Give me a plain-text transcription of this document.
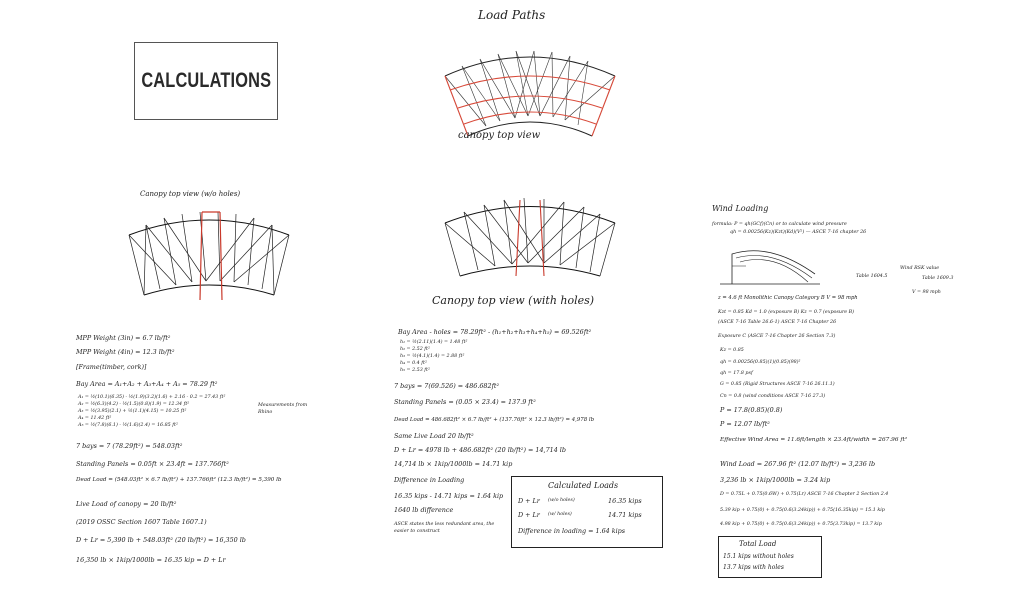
CALCULATIONS
Load Paths
canopy top view
Canopy top view (w/o holes)
Canopy top view (with holes)
MPP Weight (3in) = 6.7 lb/ft²
MPP Weight (4in) = 12.3 lb/ft²
[Frame(timber, cork)]
Bay Area = A₁+A₂ + A₃+A₄ + A₅ = 78.29 ft²
A₁ = ½(10.1)(6.35) - ½(1.9)(3.2)(1.6) + 2.16 - 0.2 = 27.43 ft²
A₂ = ½(6.3)(4.2) - ½(1.5)(0.8)(1.9) = 12.34 ft²
A₃ = ½(3.95)(2.1) + ½(1.1)(4.15) = 10.25 ft²
A₄ = 11.42 ft²
A₅ = ½(7.8)(6.1) - ½(1.6)(2.4) = 16.85 ft²
Measurements from Rhino
7 bays = 7 (78.29ft²) = 548.03ft²
Standing Panels = 0.05ft × 23.4ft = 137.766ft²
Dead Load = (548.03ft² × 6.7 lb/ft²) + 137.766ft² (12.3 lb/ft²) = 5,390 lb
Live Load of canopy = 20 lb/ft²
(2019 OSSC Section 1607 Table 1607.1)
D + Lr = 5,390 lb + 548.03ft² (20 lb/ft²) = 16,350 lb
16,350 lb × 1kip/1000lb = 16.35 kip = D + Lr
Bay Area - holes = 78.29ft² - (h₁+h₂+h₃+h₄+h₅) = 69.526ft²
h₁ = ½(2.11)(1.4) = 1.48 ft²
h₂ = 2.52 ft²
h₃ = ½(4.1)(1.4) = 2.88 ft²
h₄ = 0.4 ft²
h₅ = 2.53 ft²
7 bays = 7(69.526) = 486.682ft²
Standing Panels = (0.05 × 23.4) = 137.9 ft²
Dead Load = 486.682ft² × 6.7 lb/ft² + (137.76ft² × 12.3 lb/ft²) = 4,978 lb
Same Live Load 20 lb/ft²
D + Lr = 4978 lb + 486.682ft² (20 lb/ft²) = 14,714 lb
14,714 lb × 1kip/1000lb = 14.71 kip
Difference in Loading
16.35 kips - 14.71 kips = 1.64 kip
1640 lb difference
ASCE states the less redundant area, the easier to construct
Calculated Loads
D + Lr (w/o holes)	16.35 kips
D + Lr (w/ holes)	14.71 kips
Difference in loading = 1.64 kips
Wind Loading
formula: P = qh(GCf)(Cn) or to calculate wind pressure
qh = 0.00256(Kz)(Kzt)(Kd)(V²) — ASCE 7-16 chapter 26
Table 1604.5	Table 1609.3
Wind RSK value
V = 98 mph
z = 4.6 ft Monolithic Canopy Category B V = 98 mph
Kzt = 0.85 Kd = 1.0 (exposure B) Kz = 0.7 (exposure B)
(ASCE 7-16 Table 26.6-1) ASCE 7-16 Chapter 26
Exposure C (ASCE 7-16 Chapter 26 Section 7.3)
Kz = 0.85
qh = 0.00256(0.85)(1)(0.85)(98)²
qh = 17.8 psf
G = 0.85 (Rigid Structures ASCE 7-16 26.11.1)
Cn = 0.8 (wind conditions ASCE 7-16 27.3)
P = 17.8(0.85)(0.8)
P = 12.07 lb/ft²
Effective Wind Area = 11.6ft/length × 23.4ft/width = 267.96 ft²
Wind Load = 267.96 ft² (12.07 lb/ft²) = 3,236 lb
3,236 lb × 1kip/1000lb = 3.24 kip
D = 0.75L + 0.75(0.6W) + 0.75(Lr) ASCE 7-16 Chapter 2 Section 2.4
5.39 kip + 0.75(0) + 0.75(0.6(3.24kip)) + 0.75(16.35kip) = 15.1 kip
4.98 kip + 0.75(0) + 0.75(0.6(3.24kip)) + 0.75(3.73kip) = 13.7 kip
Total Load
15.1 kips without holes
13.7 kips with holes
